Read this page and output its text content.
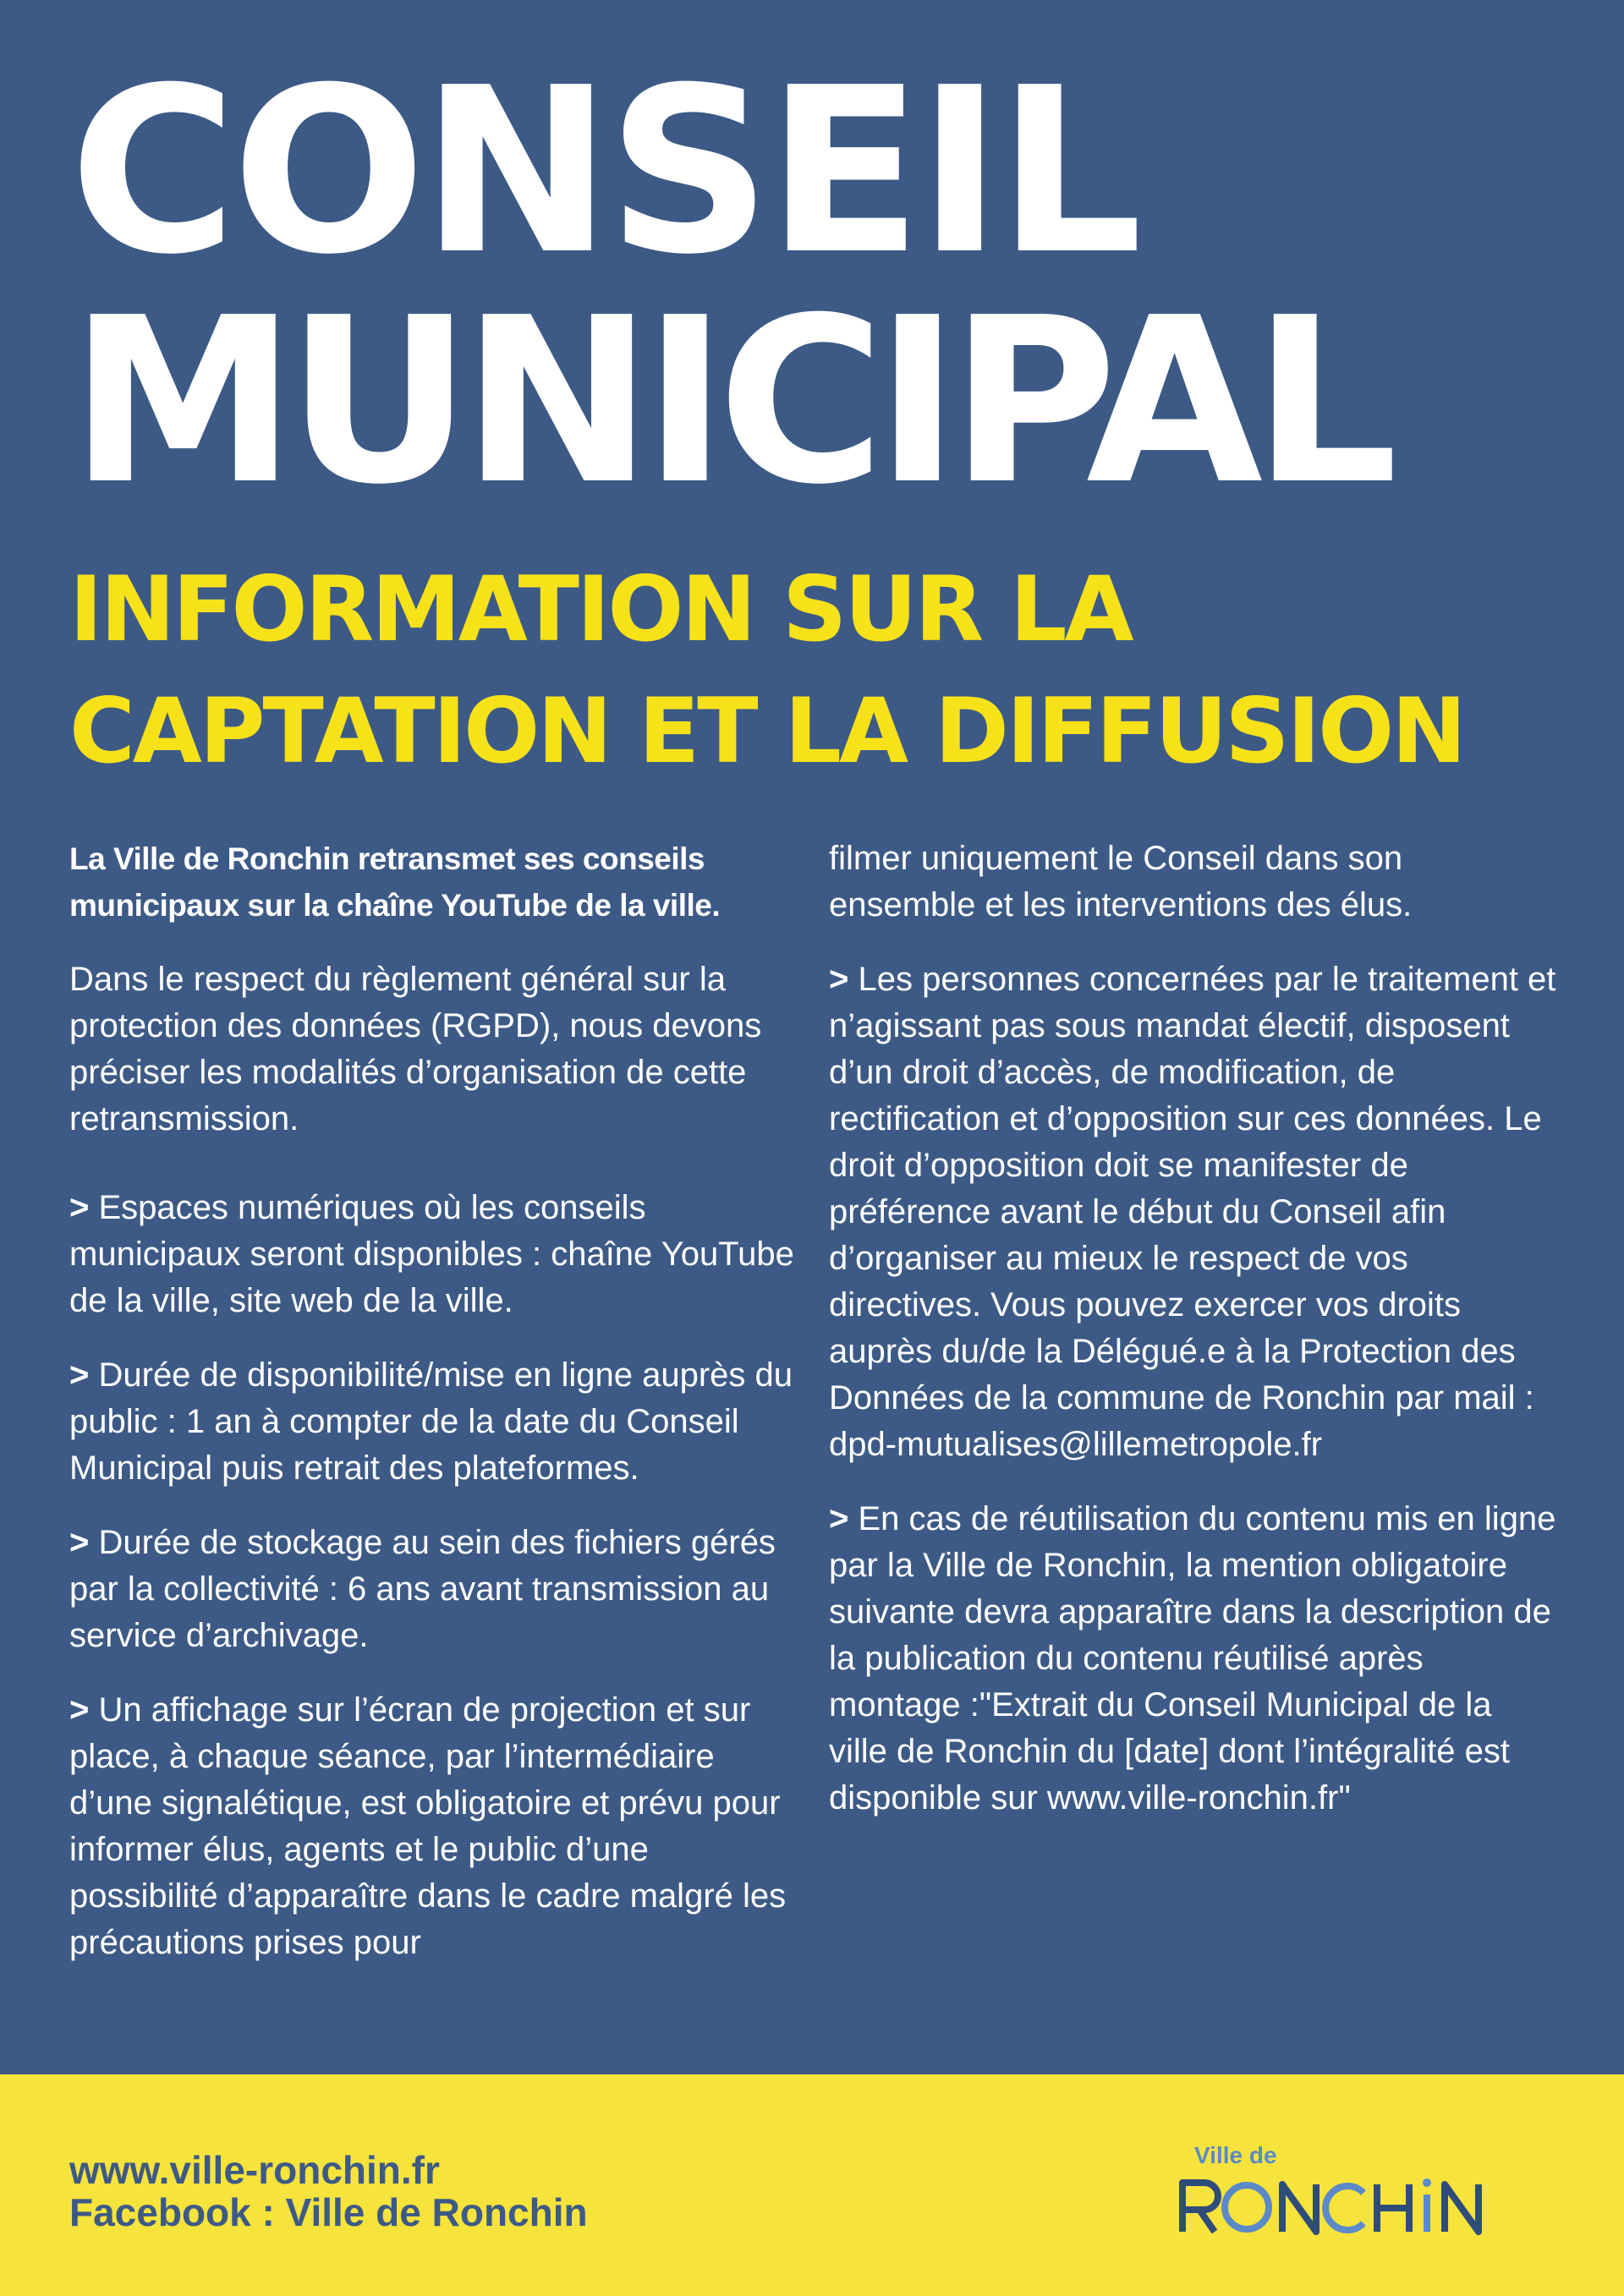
CONSEIL
MUNICIPAL
INFORMATION SUR LA
CAPTATION ET LA DIFFUSION

La Ville de Ronchin retransmet ses conseils municipaux sur la chaîne YouTube de la ville.

Dans le respect du règlement général sur la protection des données (RGPD), nous devons préciser les modalités d’organisation de cette retransmission.

> Espaces numériques où les conseils municipaux seront disponibles : chaîne YouTube de la ville, site web de la ville.

> Durée de disponibilité/mise en ligne auprès du public : 1 an à compter de la date du Conseil Municipal puis retrait des plateformes.

> Durée de stockage au sein des fichiers gérés par la collectivité : 6 ans avant transmission au service d’archivage.

> Un affichage sur l’écran de projection et sur place, à chaque séance, par l’intermédiaire d’une signalétique, est obligatoire et prévu pour informer élus, agents et le public d’une possibilité d’apparaître dans le cadre malgré les précautions prises pour

filmer uniquement le Conseil dans son ensemble et les interventions des élus.

> Les personnes concernées par le traitement et n’agissant pas sous mandat électif, disposent d’un droit d’accès, de modification, de rectification et d’opposition sur ces données. Le droit d’opposition doit se manifester de préférence avant le début du Conseil afin d’organiser au mieux le respect de vos directives. Vous pouvez exercer vos droits auprès du/de la Délégué.e à la Protection des Données de la commune de Ronchin par mail : dpd-mutualises@lillemetropole.fr

> En cas de réutilisation du contenu mis en ligne par la Ville de Ronchin, la mention obligatoire suivante devra apparaître dans la description de la publication du contenu réutilisé après montage :"Extrait du Conseil Municipal de la ville de Ronchin du [date] dont l’intégralité est disponible sur www.ville-ronchin.fr"

www.ville-ronchin.fr

Facebook : Ville de Ronchin

Ville de

RONCHIN
